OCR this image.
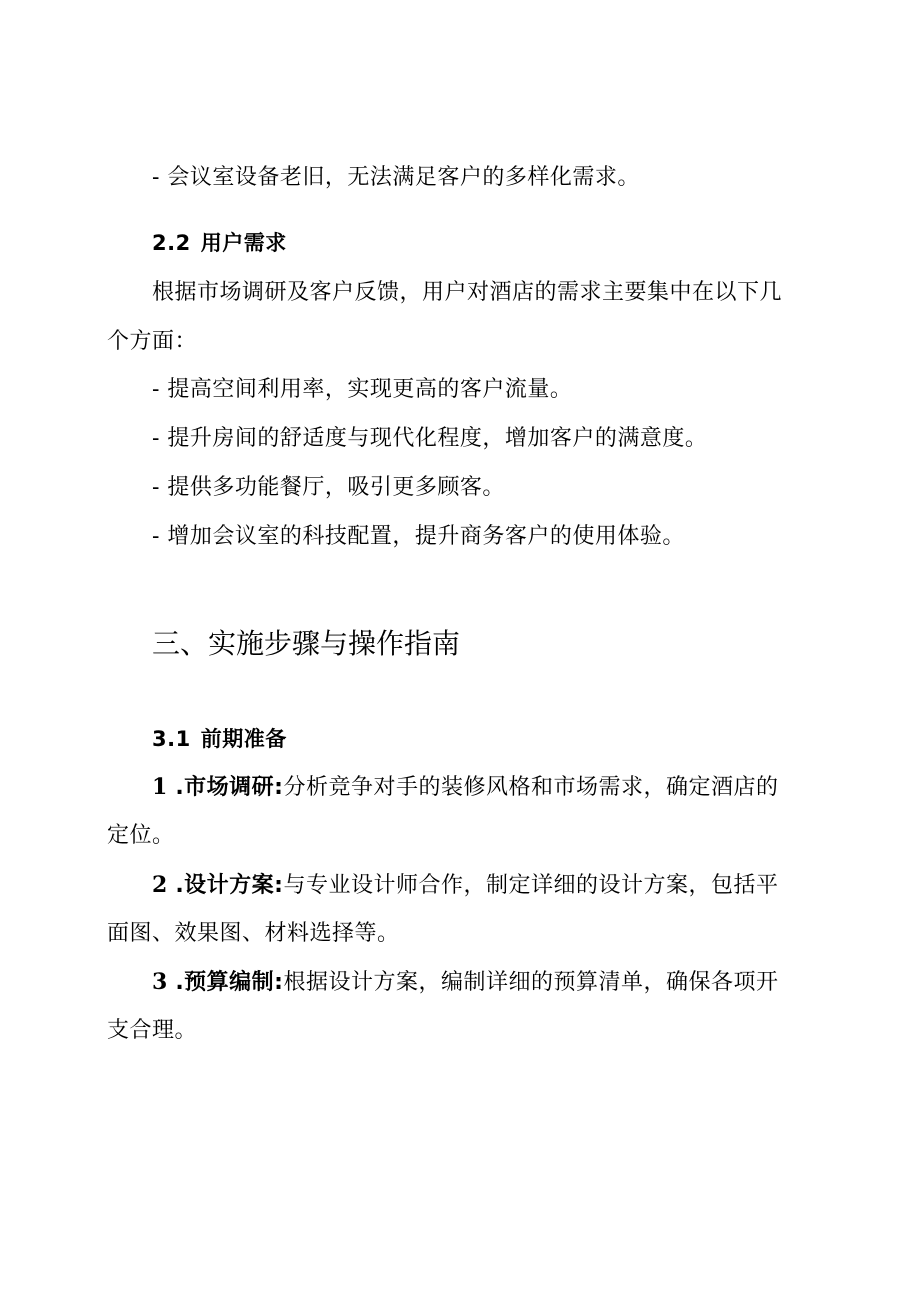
- 会议室设备老旧，无法满足客户的多样化需求。
2.2 用户需求
根据市场调研及客户反馈，用户对酒店的需求主要集中在以下几
个方面：
- 提高空间利用率，实现更高的客户流量。
- 提升房间的舒适度与现代化程度，增加客户的满意度。
- 提供多功能餐厅，吸引更多顾客。
- 增加会议室的科技配置，提升商务客户的使用体验。
三、实施步骤与操作指南
3.1 前期准备
1 .市场调研:分析竞争对手的装修风格和市场需求，确定酒店的
定位。
2 .设计方案:与专业设计师合作，制定详细的设计方案，包括平
面图、效果图、材料选择等。
3 .预算编制:根据设计方案，编制详细的预算清单，确保各项开
支合理。
